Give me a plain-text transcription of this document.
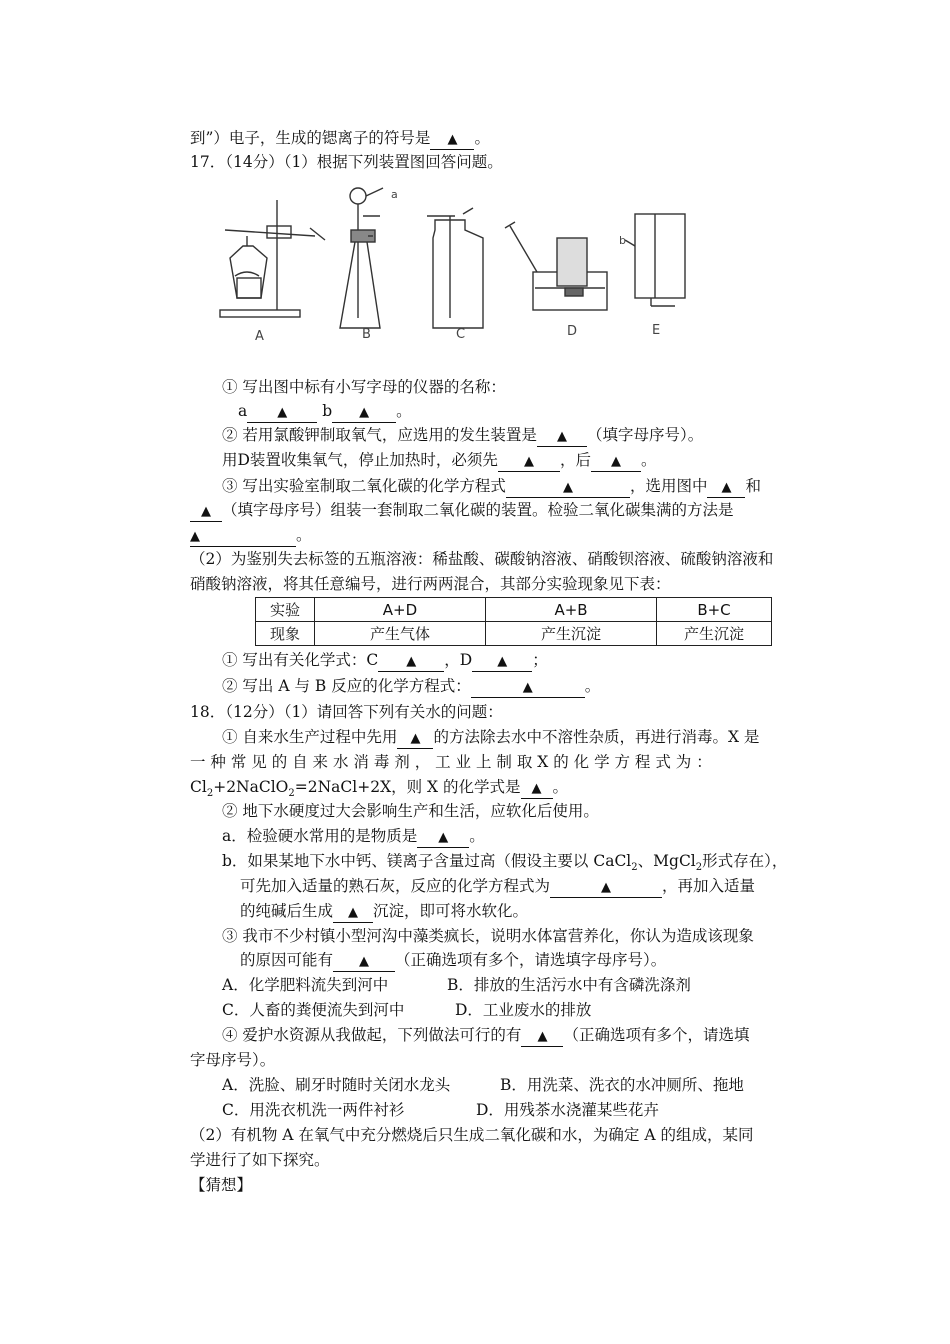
到”）电子，生成的锶离子的符号是 ▲ 。
17．（14分）（1）根据下列装置图回答问题。
a
b
A	B	C	D	E
① 写出图中标有小写字母的仪器的名称：
a ▲ b ▲ 。
② 若用氯酸钾制取氧气，应选用的发生装置是 ▲ （填字母序号）。
用D装置收集氧气，停止加热时，必须先 ▲ ，后 ▲ 。
③ 写出实验室制取二氧化碳的化学方程式	▲	，选用图中 ▲ 和
▲ （填字母序号）组装一套制取二氧化碳的装置。检验二氧化碳集满的方法是
▲	。
（2）为鉴别失去标签的五瓶溶液：稀盐酸、碳酸钠溶液、硝酸钡溶液、硫酸钠溶液和
硝酸钠溶液，将其任意编号，进行两两混合，其部分实验现象见下表：
实验	A+D	A+B	B+C
现象	产生气体	产生沉淀	产生沉淀
① 写出有关化学式：C ▲ ，D ▲ ；
② 写出 A 与 B 反应的化学方程式：	▲	。
18．（12分）（1）请回答下列有关水的问题：
① 自来水生产过程中先用 ▲ 的方法除去水中不溶性杂质，再进行消毒。X 是
一 种 常 见 的 自 来 水 消 毒 剂 ， 工 业 上 制 取 X 的 化 学 方 程 式 为 ：
$Cl_2+2NaClO_2=2NaCl+2X$，则 X 的化学式是 ▲ 。
② 地下水硬度过大会影响生产和生活，应软化后使用。
a．检验硬水常用的是物质是 ▲ 。
b．如果某地下水中钙、镁离子含量过高（假设主要以 CaCl$_2$、MgCl$_2$形式存在），
可先加入适量的熟石灰，反应的化学方程式为	▲	，再加入适量
的纯碱后生成 ▲ 沉淀，即可将水软化。
③ 我市不少村镇小型河沟中藻类疯长，说明水体富营养化，你认为造成该现象
的原因可能有 ▲ （正确选项有多个，请选填字母序号）。
A．化学肥料流失到河中	B．排放的生活污水中有含磷洗涤剂
C．人畜的粪便流失到河中	D．工业废水的排放
④ 爱护水资源从我做起，下列做法可行的有 ▲ （正确选项有多个，请选填
字母序号）。
A．洗脸、刷牙时随时关闭水龙头	B．用洗菜、洗衣的水冲厕所、拖地
C．用洗衣机洗一两件衬衫	D．用残茶水浇灌某些花卉
（2）有机物 A 在氧气中充分燃烧后只生成二氧化碳和水，为确定 A 的组成，某同
学进行了如下探究。
【猜想】
